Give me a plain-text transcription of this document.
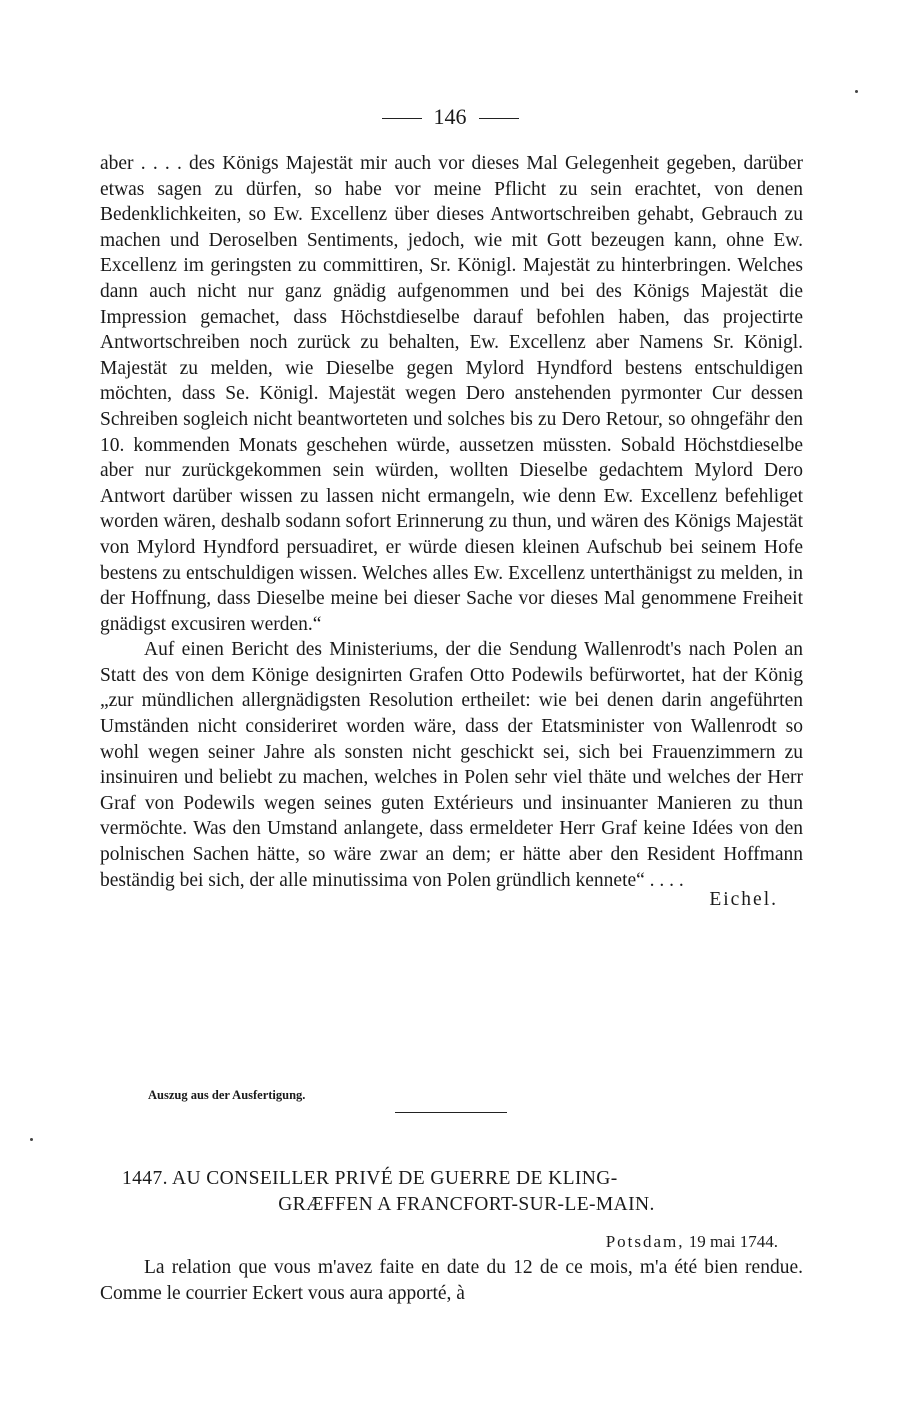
146

aber . . . . des Königs Majestät mir auch vor dieses Mal Gelegenheit gegeben, darüber etwas sagen zu dürfen, so habe vor meine Pflicht zu sein erachtet, von denen Bedenklichkeiten, so Ew. Excellenz über dieses Antwortschreiben gehabt, Gebrauch zu machen und Deroselben Sentiments, jedoch, wie mit Gott bezeugen kann, ohne Ew. Excellenz im geringsten zu committiren, Sr. Königl. Majestät zu hinterbringen. Welches dann auch nicht nur ganz gnädig aufgenommen und bei des Königs Majestät die Impression gemachet, dass Höchstdieselbe darauf befohlen haben, das projectirte Antwortschreiben noch zurück zu behalten, Ew. Excellenz aber Namens Sr. Königl. Majestät zu melden, wie Dieselbe gegen Mylord Hyndford bestens entschuldigen möchten, dass Se. Königl. Majestät wegen Dero anstehenden pyrmonter Cur dessen Schreiben sogleich nicht beantworteten und solches bis zu Dero Retour, so ohngefähr den 10. kommenden Monats geschehen würde, aussetzen müssten. Sobald Höchstdieselbe aber nur zurückgekommen sein würden, wollten Dieselbe gedachtem Mylord Dero Antwort darüber wissen zu lassen nicht ermangeln, wie denn Ew. Excellenz befehliget worden wären, deshalb sodann sofort Erinnerung zu thun, und wären des Königs Majestät von Mylord Hyndford persuadiret, er würde diesen kleinen Aufschub bei seinem Hofe bestens zu entschuldigen wissen. Welches alles Ew. Excellenz unterthänigst zu melden, in der Hoffnung, dass Dieselbe meine bei dieser Sache vor dieses Mal genommene Freiheit gnädigst excusiren werden.“

Auf einen Bericht des Ministeriums, der die Sendung Wallenrodt's nach Polen an Statt des von dem Könige designirten Grafen Otto Podewils befürwortet, hat der König „zur mündlichen allergnädigsten Resolution ertheilet: wie bei denen darin angeführten Umständen nicht consideriret worden wäre, dass der Etatsminister von Wallenrodt so wohl wegen seiner Jahre als sonsten nicht geschickt sei, sich bei Frauenzimmern zu insinuiren und beliebt zu machen, welches in Polen sehr viel thäte und welches der Herr Graf von Podewils wegen seines guten Extérieurs und insinuanter Manieren zu thun vermöchte. Was den Umstand anlangete, dass ermeldeter Herr Graf keine Idées von den polnischen Sachen hätte, so wäre zwar an dem; er hätte aber den Resident Hoffmann beständig bei sich, der alle minutissima von Polen gründlich kennete“ . . . .

Eichel.
Auszug aus der Ausfertigung.
1447. AU CONSEILLER PRIVÉ DE GUERRE DE KLING-
GRÆFFEN A FRANCFORT-SUR-LE-MAIN.
Potsdam, 19 mai 1744.

La relation que vous m'avez faite en date du 12 de ce mois, m'a été bien rendue. Comme le courrier Eckert vous aura apporté, à
